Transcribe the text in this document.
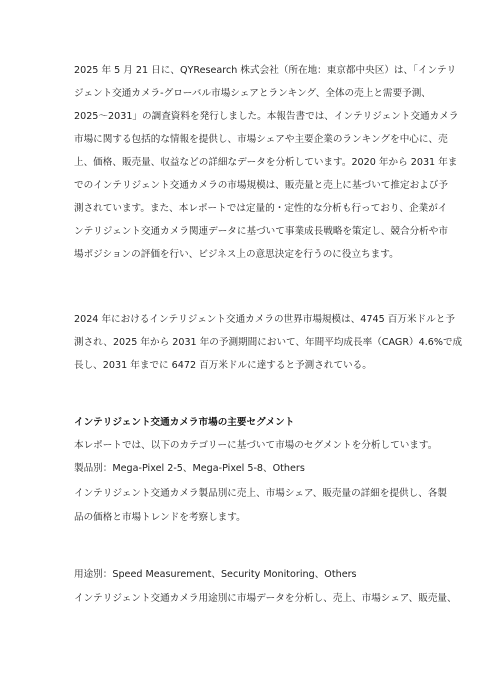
2025 年 5 月 21 日に、QYResearch 株式会社（所在地：東京都中央区）は、「インテリ
ジェント交通カメラ-グローバル市場シェアとランキング、全体の売上と需要予測、
2025～2031」の調査資料を発行しました。本報告書では、インテリジェント交通カメラ
市場に関する包括的な情報を提供し、市場シェアや主要企業のランキングを中心に、売
上、価格、販売量、収益などの詳細なデータを分析しています。2020 年から 2031 年ま
でのインテリジェント交通カメラの市場規模は、販売量と売上に基づいて推定および予
測されています。また、本レポートでは定量的・定性的な分析も行っており、企業がイ
ンテリジェント交通カメラ関連データに基づいて事業成長戦略を策定し、競合分析や市
場ポジションの評価を行い、ビジネス上の意思決定を行うのに役立ちます。
2024 年におけるインテリジェント交通カメラの世界市場規模は、4745 百万米ドルと予
測され、2025 年から 2031 年の予測期間において、年間平均成長率（CAGR）4.6%で成
長し、2031 年までに 6472 百万米ドルに達すると予測されている。
インテリジェント交通カメラ市場の主要セグメント
本レポートでは、以下のカテゴリーに基づいて市場のセグメントを分析しています。
製品別：Mega-Pixel 2-5、Mega-Pixel 5-8、Others
インテリジェント交通カメラ製品別に売上、市場シェア、販売量の詳細を提供し、各製
品の価格と市場トレンドを考察します。
用途別：Speed Measurement、Security Monitoring、Others
インテリジェント交通カメラ用途別に市場データを分析し、売上、市場シェア、販売量、
